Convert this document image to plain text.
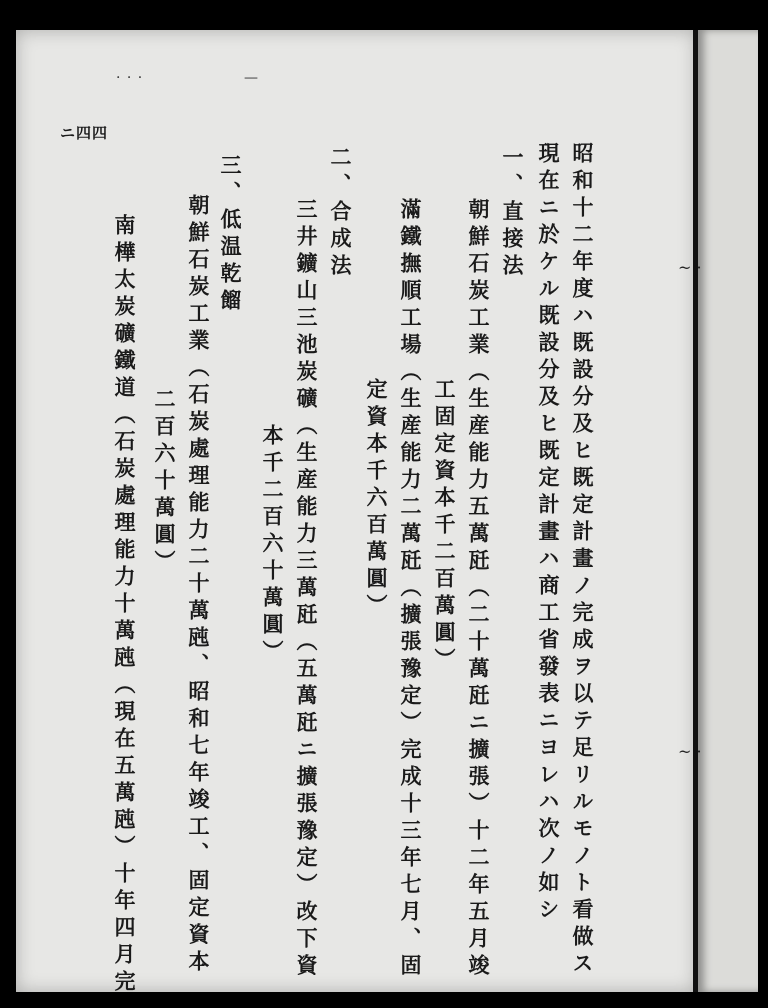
· · ·	—
ニ四四
昭和十二年度ハ既設分及ヒ既定計畫ノ完成ヲ以テ足リルモノト看做ス
現在ニ於ケル既設分及ヒ既定計畫ハ商工省發表ニヨレハ次ノ如シ
一、直接法
朝鮮石炭工業（生産能力五萬瓩（二十萬瓩ニ擴張）十二年五月竣
工固定資本千二百萬圓）
滿鐵撫順工場（生産能力二萬瓩（擴張豫定）完成十三年七月、固
定資本千六百萬圓）
二、合成法
三井鑛山三池炭礦（生産能力三萬瓩（五萬瓩ニ擴張豫定）改下資
本千二百六十萬圓）
三、低温乾餾
朝鮮石炭工業（石炭處理能力二十萬瓲、昭和七年竣工、固定資本
二百六十萬圓）
南樺太炭礦鐵道（石炭處理能力十萬瓲（現在五萬瓲）十年四月完	~ ·
~ ·
